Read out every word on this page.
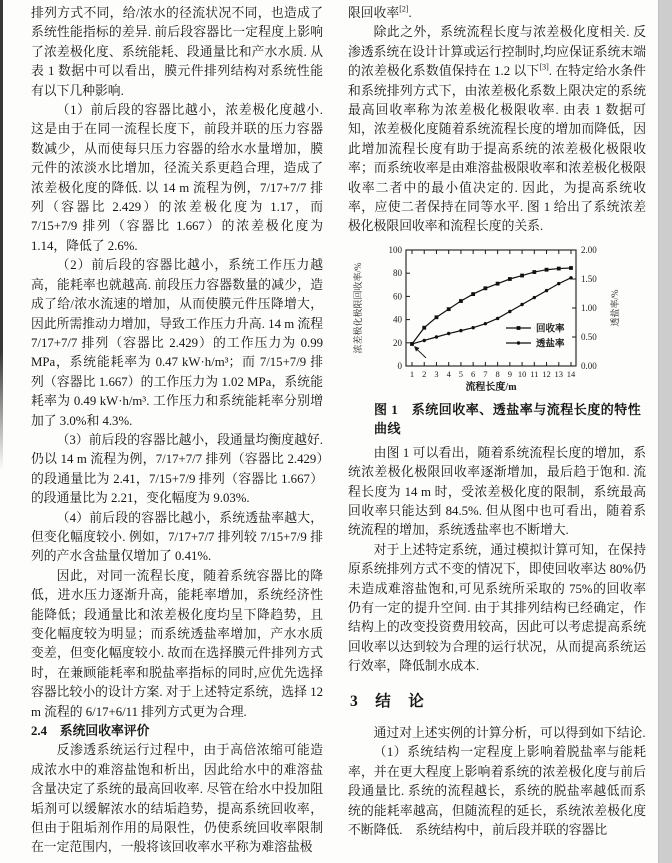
排列方式不同，给/浓水的径流状况不同，也造成了系统性能指标的差异. 前后段容器比一定程度上影响了浓差极化度、系统能耗、段通量比和产水水质. 从表 1 数据中可以看出，膜元件排列结构对系统性能有以下几种影响.

（1）前后段的容器比越小，浓差极化度越小. 这是由于在同一流程长度下，前段并联的压力容器数减少，从而使每只压力容器的给水水量增加，膜元件的浓淡水比增加，径流关系更趋合理，造成了浓差极化度的降低. 以 14 m 流程为例，7/17+7/7 排列（容器比 2.429）的浓差极化度为 1.17，而 7/15+7/9 排列（容器比 1.667）的浓差极化度为 1.14，降低了 2.6%.

（2）前后段的容器比越小，系统工作压力越高，能耗率也就越高. 前段压力容器数量的减少，造成了给/浓水流速的增加，从而使膜元件压降增大，因此所需推动力增加，导致工作压力升高. 14 m 流程 7/17+7/7 排列（容器比 2.429）的工作压力为 0.99 MPa，系统能耗率为 0.47 kW·h/m³；而 7/15+7/9 排列（容器比 1.667）的工作压力为 1.02 MPa，系统能耗率为 0.49 kW·h/m³. 工作压力和系统能耗率分别增加了 3.0%和 4.3%.

（3）前后段的容器比越小，段通量均衡度越好. 仍以 14 m 流程为例，7/17+7/7 排列（容器比 2.429）的段通量比为 2.41，7/15+7/9 排列（容器比 1.667）的段通量比为 2.21，变化幅度为 9.03%.

（4）前后段的容器比越小，系统透盐率越大，但变化幅度较小. 例如，7/17+7/7 排列较 7/15+7/9 排列的产水含盐量仅增加了 0.41%.

因此，对同一流程长度，随着系统容器比的降低，进水压力逐渐升高，能耗率增加，系统经济性能降低；段通量比和浓差极化度均呈下降趋势，且变化幅度较为明显；而系统透盐率增加，产水水质变差，但变化幅度较小. 故而在选择膜元件排列方式时，在兼顾能耗率和脱盐率指标的同时,应优先选择容器比较小的设计方案. 对于上述特定系统，选择 12 m 流程的 6/17+6/11 排列方式更为合理.

2.4　系统回收率评价

反渗透系统运行过程中，由于高倍浓缩可能造成浓水中的难溶盐饱和析出，因此给水中的难溶盐含量决定了系统的最高回收率. 尽管在给水中投加阻垢剂可以缓解浓水的结垢趋势，提高系统回收率，但由于阻垢剂作用的局限性，仍使系统回收率限制在一定范围内，一般将该回收率水平称为难溶盐极

限回收率[2].

除此之外，系统流程长度与浓差极化度相关. 反渗透系统在设计计算或运行控制时,均应保证系统末端的浓差极化系数值保持在 1.2 以下[3]. 在特定给水条件和系统排列方式下，由浓差极化系数上限决定的系统最高回收率称为浓差极化极限收率. 由表 1 数据可知，浓差极化度随着系统流程长度的增加而降低，因此增加流程长度有助于提高系统的浓差极化极限收率；而系统收率是由难溶盐极限收率和浓差极化极限收率二者中的最小值决定的. 因此，为提高系统收率，应使二者保持在同等水平. 图 1 给出了系统浓差极化极限回收率和流程长度的关系.

0
20
40
60
80
100
0.00
0.50
1.00
1.50
2.00
1 2 3 4 5 6 7 8 9 10 11 12 13 14
流程长度/m
浓差极化极限回收率/%	透盐率/%
回收率
透盐率
图 1　系统回收率、透盐率与流程长度的特性曲线

由图 1 可以看出，随着系统流程长度的增加，系统浓差极化极限回收率逐渐增加，最后趋于饱和. 流程长度为 14 m 时，受浓差极化度的限制，系统最高回收率只能达到 84.5%. 但从图中也可看出，随着系统流程的增加，系统透盐率也不断增大.

对于上述特定系统，通过模拟计算可知，在保持原系统排列方式不变的情况下，即使回收率达 80%仍未造成难溶盐饱和,可见系统所采取的 75%的回收率仍有一定的提升空间. 由于其排列结构已经确定，作结构上的改变投资费用较高，因此可以考虑提高系统回收率以达到较为合理的运行状况，从而提高系统运行效率，降低制水成本.

3　结　论

通过对上述实例的计算分析，可以得到如下结论.

（1）系统结构一定程度上影响着脱盐率与能耗率，并在更大程度上影响着系统的浓差极化度与前后段通量比. 系统的流程越长，系统的脱盐率越低而系统的能耗率越高，但随流程的延长，系统浓差极化度不断降低.　系统结构中，前后段并联的容器比
